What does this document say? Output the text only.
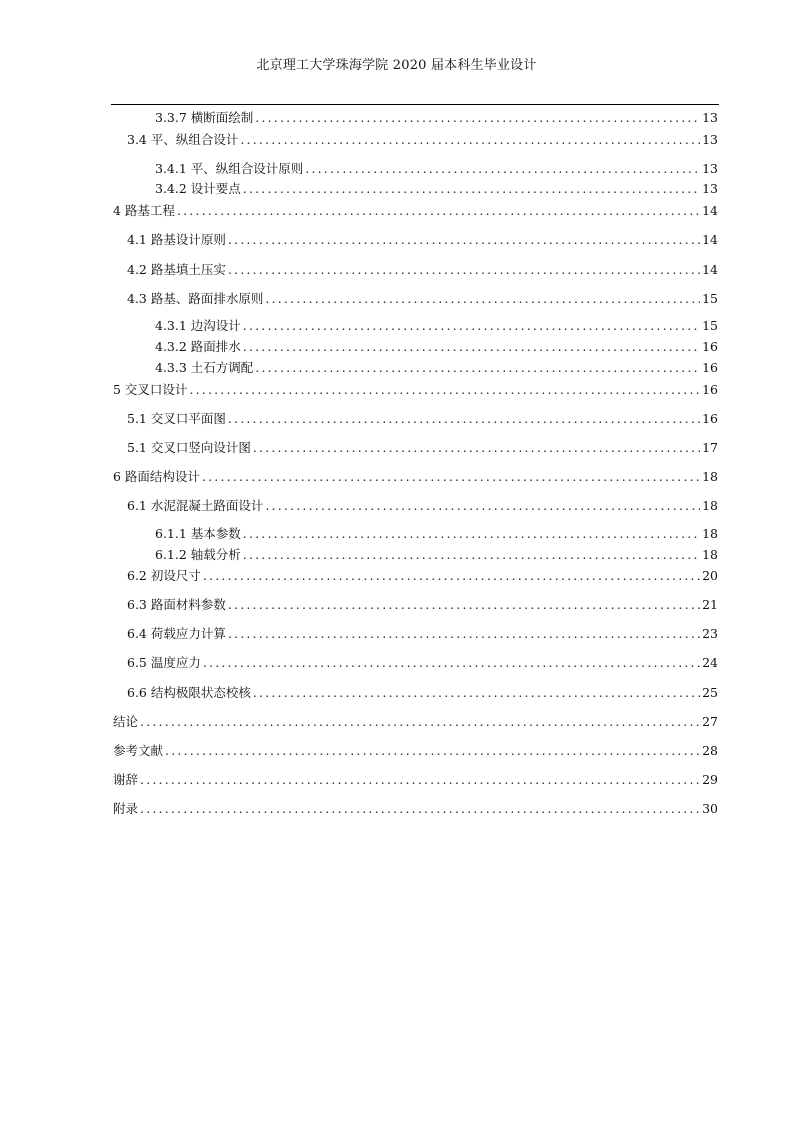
北京理工大学珠海学院 2020 届本科生毕业设计
3.3.7 横断面绘制 .....	13
3.4 平、纵组合设计 .....	13
3.4.1 平、纵组合设计原则 .....	13
3.4.2 设计要点 .....	13
4 路基工程 .....	14
4.1 路基设计原则 .....	14
4.2 路基填土压实 .....	14
4.3 路基、路面排水原则 .....	15
4.3.1 边沟设计 .....	15
4.3.2 路面排水 .....	16
4.3.3 土石方调配 .....	16
5 交叉口设计 .....	16
5.1 交叉口平面图 .....	16
5.1 交叉口竖向设计图 .....	17
6 路面结构设计 .....	18
6.1 水泥混凝土路面设计 .....	18
6.1.1 基本参数 .....	18
6.1.2 轴载分析 .....	18
6.2 初设尺寸 .....	20
6.3 路面材料参数 .....	21
6.4 荷载应力计算 .....	23
6.5 温度应力 .....	24
6.6 结构极限状态校核 .....	25
结论 .....	27
参考文献 .....	28
谢辞 .....	29
附录 .....	30
